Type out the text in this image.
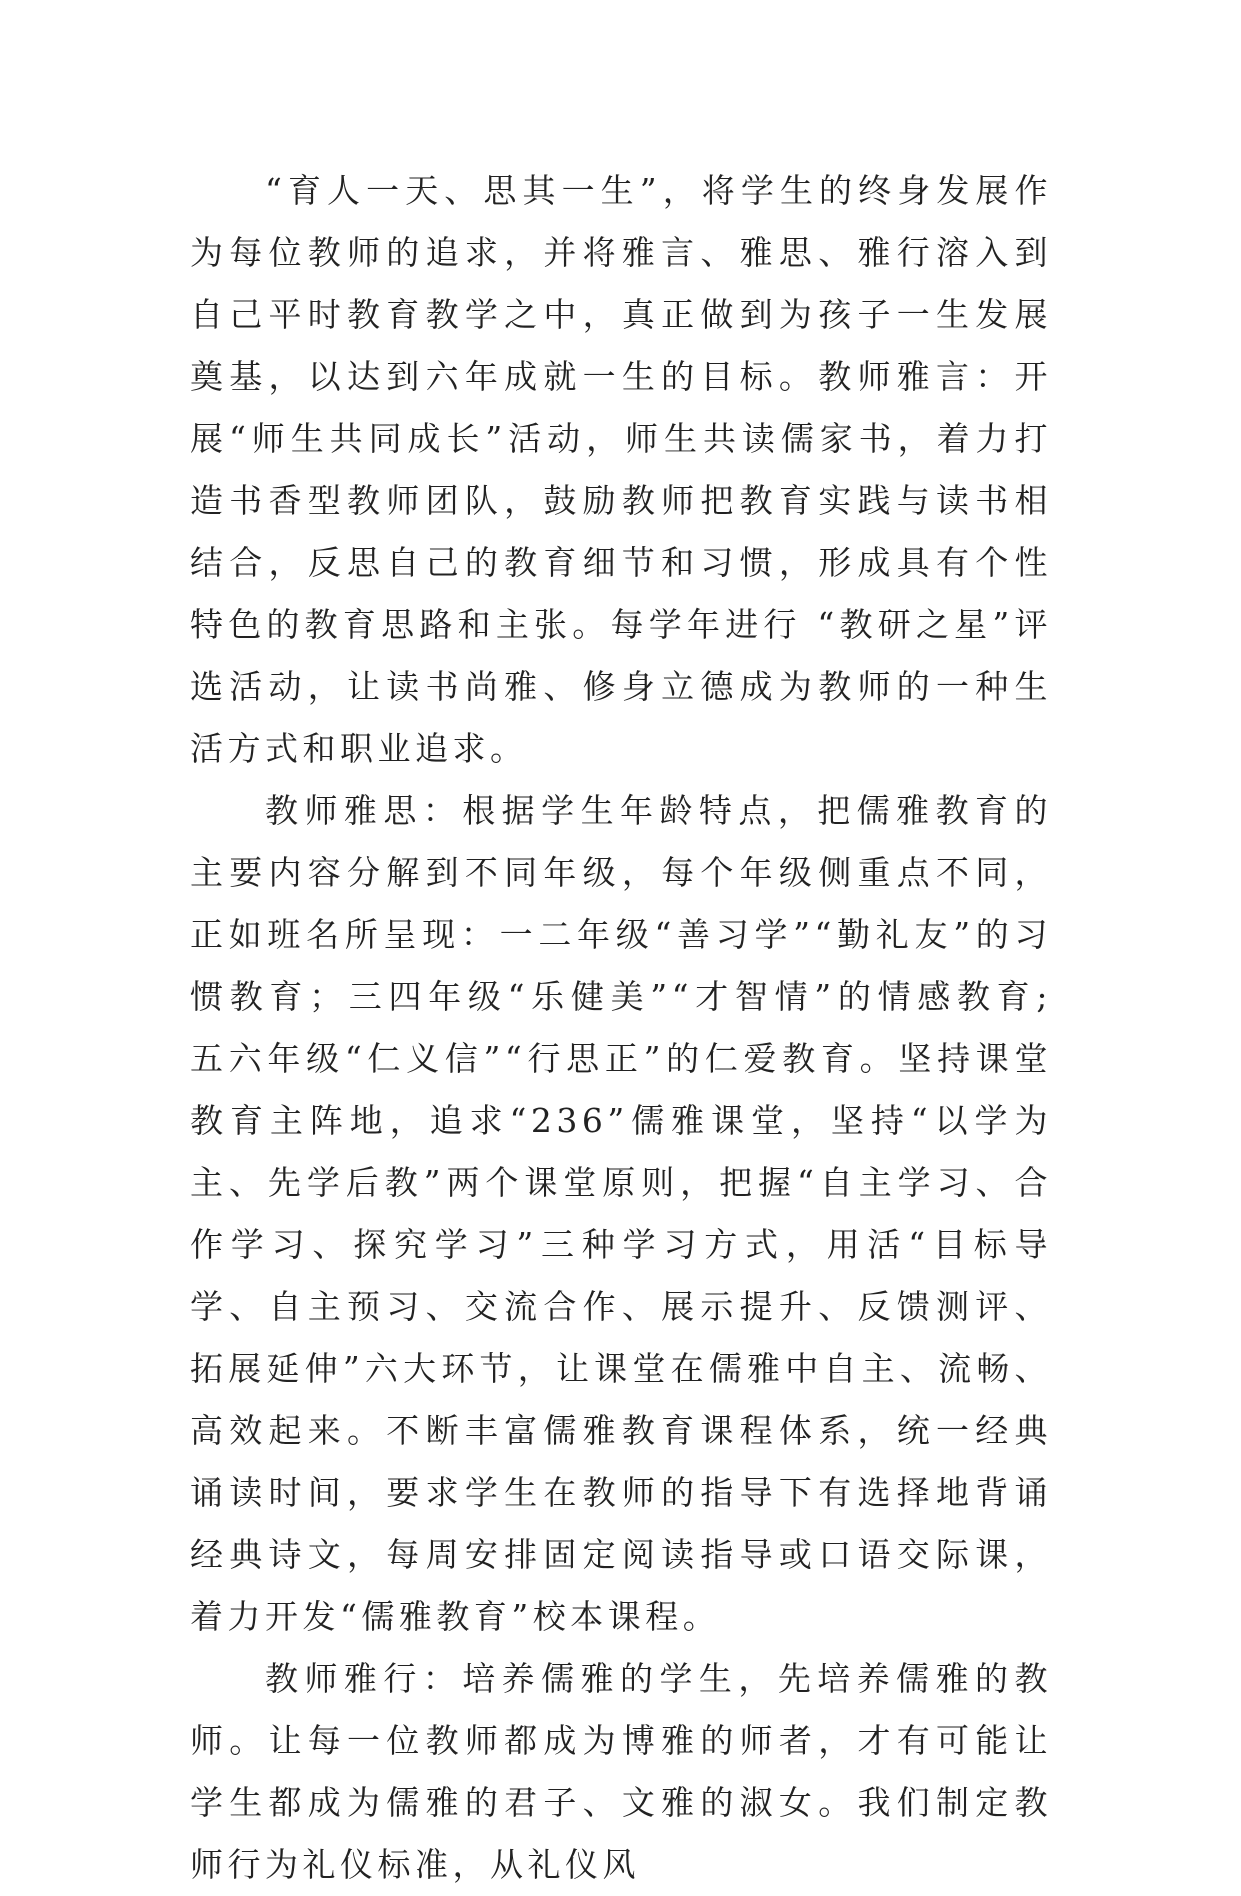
“育人一天、思其一生”，将学生的终身发展作为每位教师的追求，并将雅言、雅思、雅行溶入到自己平时教育教学之中，真正做到为孩子一生发展奠基，以达到六年成就一生的目标。教师雅言：开展“师生共同成长”活动，师生共读儒家书，着力打造书香型教师团队，鼓励教师把教育实践与读书相结合，反思自己的教育细节和习惯，形成具有个性特色的教育思路和主张。每学年进行 “教研之星”评选活动，让读书尚雅、修身立德成为教师的一种生活方式和职业追求。

教师雅思：根据学生年龄特点，把儒雅教育的主要内容分解到不同年级，每个年级侧重点不同，正如班名所呈现：一二年级“善习学”“勤礼友”的习惯教育；三四年级“乐健美”“才智情”的情感教育; 五六年级“仁义信”“行思正”的仁爱教育。坚持课堂教育主阵地，追求“236”儒雅课堂，坚持“以学为主、先学后教”两个课堂原则，把握“自主学习、合作学习、探究学习”三种学习方式，用活“目标导学、自主预习、交流合作、展示提升、反馈测评、拓展延伸”六大环节，让课堂在儒雅中自主、流畅、高效起来。不断丰富儒雅教育课程体系，统一经典诵读时间，要求学生在教师的指导下有选择地背诵经典诗文，每周安排固定阅读指导或口语交际课，着力开发“儒雅教育”校本课程。

教师雅行：培养儒雅的学生，先培养儒雅的教师。让每一位教师都成为博雅的师者，才有可能让学生都成为儒雅的君子、文雅的淑女。我们制定教师行为礼仪标准，从礼仪风
